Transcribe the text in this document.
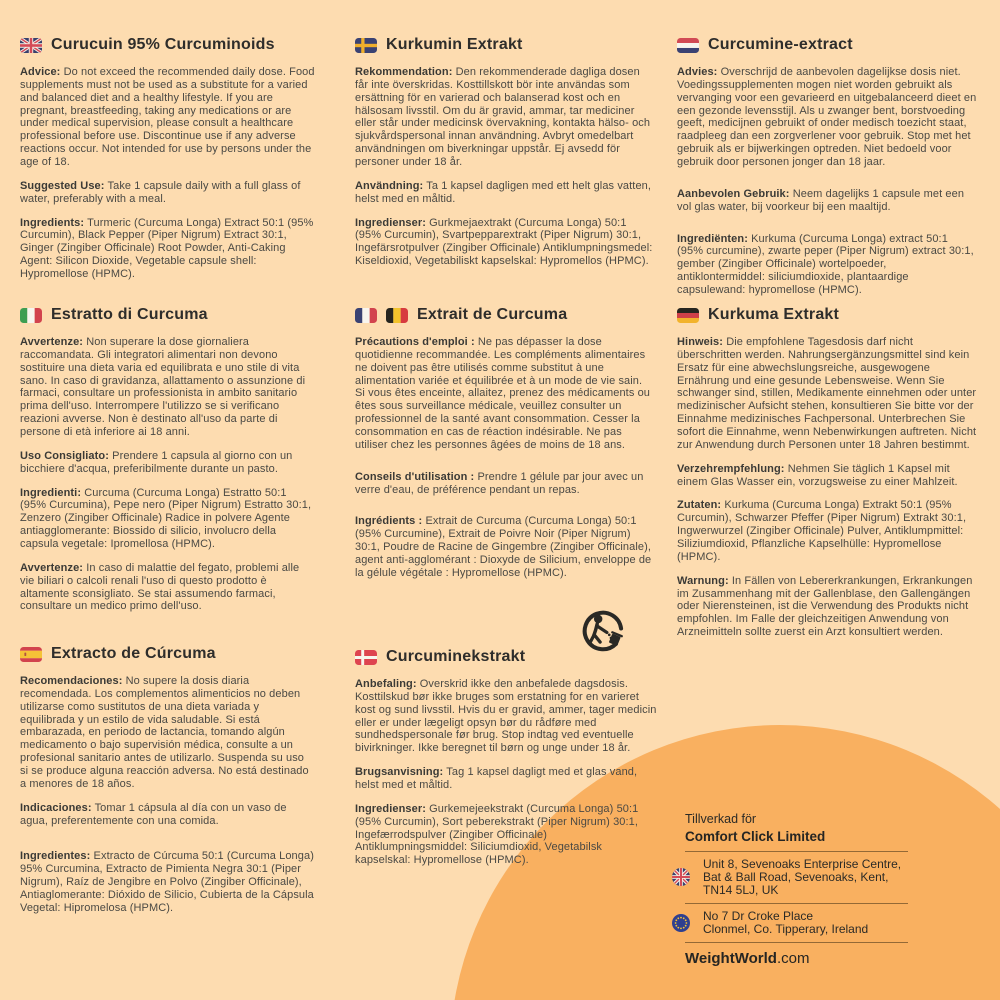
Curucuin 95% Curcuminoids

Advice: Do not exceed the recommended daily dose. Food supplements must not be used as a substitute for a varied and balanced diet and a healthy lifestyle. If you are pregnant, breastfeeding, taking any medications or are under medical supervision, please consult a healthcare professional before use. Discontinue use if any adverse reactions occur. Not intended for use by persons under the age of 18.

Suggested Use: Take 1 capsule daily with a full glass of water, preferably with a meal.

Ingredients: Turmeric (Curcuma Longa) Extract 50:1 (95% Curcumin), Black Pepper (Piper Nigrum) Extract 30:1, Ginger (Zingiber Officinale) Root Powder, Anti-Caking Agent: Silicon Dioxide, Vegetable capsule shell: Hypromellose (HPMC).

Kurkumin Extrakt

Rekommendation: Den rekommenderade dagliga dosen får inte överskridas. Kosttillskott bör inte användas som ersättning för en varierad och balanserad kost och en hälsosam livsstil. Om du är gravid, ammar, tar mediciner eller står under medicinsk övervakning, kontakta hälso- och sjukvårdspersonal innan användning. Avbryt omedelbart användningen om biverkningar uppstår. Ej avsedd för personer under 18 år.

Användning: Ta 1 kapsel dagligen med ett helt glas vatten, helst med en måltid.

Ingredienser: Gurkmejaextrakt (Curcuma Longa) 50:1 (95% Curcumin), Svartpepparextrakt (Piper Nigrum) 30:1, Ingefärsrotpulver (Zingiber Officinale) Antiklumpningsmedel: Kiseldioxid, Vegetabiliskt kapselskal: Hypromellos (HPMC).

Curcumine-extract

Advies: Overschrijd de aanbevolen dagelijkse dosis niet. Voedingssupplementen mogen niet worden gebruikt als vervanging voor een gevarieerd en uitgebalanceerd dieet en een gezonde levensstijl. Als u zwanger bent, borstvoeding geeft, medicijnen gebruikt of onder medisch toezicht staat, raadpleeg dan een zorgverlener voor gebruik. Stop met het gebruik als er bijwerkingen optreden. Niet bedoeld voor gebruik door personen jonger dan 18 jaar.

Aanbevolen Gebruik: Neem dagelijks 1 capsule met een vol glas water, bij voorkeur bij een maaltijd.

Ingrediënten: Kurkuma (Curcuma Longa) extract 50:1 (95% curcumine), zwarte peper (Piper Nigrum) extract 30:1, gember (Zingiber Officinale) wortelpoeder, antiklontermiddel: siliciumdioxide, plantaardige capsulewand: hypromellose (HPMC).

Estratto di Curcuma

Avvertenze: Non superare la dose giornaliera raccomandata. Gli integratori alimentari non devono sostituire una dieta varia ed equilibrata e uno stile di vita sano. In caso di gravidanza, allattamento o assunzione di farmaci, consultare un professionista in ambito sanitario prima dell'uso. Interrompere l'utilizzo se si verificano reazioni avverse. Non è destinato all'uso da parte di persone di età inferiore ai 18 anni.

Uso Consigliato: Prendere 1 capsula al giorno con un bicchiere d'acqua, preferibilmente durante un pasto.

Ingredienti: Curcuma (Curcuma Longa) Estratto 50:1 (95% Curcumina), Pepe nero (Piper Nigrum) Estratto 30:1, Zenzero (Zingiber Officinale) Radice in polvere Agente antiagglomerante: Biossido di silicio, involucro della capsula vegetale: Ipromellosa (HPMC).

Avvertenze: In caso di malattie del fegato, problemi alle vie biliari o calcoli renali l'uso di questo prodotto è altamente sconsigliato. Se stai assumendo farmaci, consultare un medico primo dell'uso.

Extrait de Curcuma

Précautions d'emploi : Ne pas dépasser la dose quotidienne recommandée. Les compléments alimentaires ne doivent pas être utilisés comme substitut à une alimentation variée et équilibrée et à un mode de vie sain. Si vous êtes enceinte, allaitez, prenez des médicaments ou êtes sous surveillance médicale, veuillez consulter un professionnel de la santé avant consommation. Cesser la consommation en cas de réaction indésirable. Ne pas utiliser chez les personnes âgées de moins de 18 ans.

Conseils d'utilisation : Prendre 1 gélule par jour avec un verre d'eau, de préférence pendant un repas.

Ingrédients : Extrait de Curcuma (Curcuma Longa) 50:1 (95% Curcumine), Extrait de Poivre Noir (Piper Nigrum) 30:1, Poudre de Racine de Gingembre (Zingiber Officinale), agent anti-agglomérant : Dioxyde de Silicium, enveloppe de la gélule végétale : Hypromellose (HPMC).

Kurkuma Extrakt

Hinweis: Die empfohlene Tagesdosis darf nicht überschritten werden. Nahrungsergänzungsmittel sind kein Ersatz für eine abwechslungsreiche, ausgewogene Ernährung und eine gesunde Lebensweise. Wenn Sie schwanger sind, stillen, Medikamente einnehmen oder unter medizinischer Aufsicht stehen, konsultieren Sie bitte vor der Einnahme medizinisches Fachpersonal. Unterbrechen Sie sofort die Einnahme, wenn Nebenwirkungen auftreten. Nicht zur Anwendung durch Personen unter 18 Jahren bestimmt.

Verzehrempfehlung: Nehmen Sie täglich 1 Kapsel mit einem Glas Wasser ein, vorzugsweise zu einer Mahlzeit.

Zutaten: Kurkuma (Curcuma Longa) Extrakt 50:1 (95% Curcumin), Schwarzer Pfeffer (Piper Nigrum) Extrakt 30:1, Ingwerwurzel (Zingiber Officinale) Pulver, Antiklumpmittel: Siliziumdioxid, Pflanzliche Kapselhülle: Hypromellose (HPMC).

Warnung: In Fällen von Lebererkrankungen, Erkrankungen im Zusammenhang mit der Gallenblase, den Gallengängen oder Nierensteinen, ist die Verwendung des Produkts nicht empfohlen. Im Falle der gleichzeitigen Anwendung von Arzneimitteln sollte zuerst ein Arzt konsultiert werden.

Extracto de Cúrcuma

Recomendaciones: No supere la dosis diaria recomendada. Los complementos alimenticios no deben utilizarse como sustitutos de una dieta variada y equilibrada y un estilo de vida saludable. Si está embarazada, en periodo de lactancia, tomando algún medicamento o bajo supervisión médica, consulte a un profesional sanitario antes de utilizarlo. Suspenda su uso si se produce alguna reacción adversa. No está destinado a menores de 18 años.

Indicaciones: Tomar 1 cápsula al día con un vaso de agua, preferentemente con una comida.

Ingredientes: Extracto de Cúrcuma 50:1 (Curcuma Longa) 95% Curcumina, Extracto de Pimienta Negra 30:1 (Piper Nigrum), Raíz de Jengibre en Polvo (Zingiber Officinale), Antiaglomerante: Dióxido de Silicio, Cubierta de la Cápsula Vegetal: Hipromelosa (HPMC).

Curcuminekstrakt

Anbefaling: Overskrid ikke den anbefalede dagsdosis. Kosttilskud bør ikke bruges som erstatning for en varieret kost og sund livsstil. Hvis du er gravid, ammer, tager medicin eller er under lægeligt opsyn bør du rådføre med sundhedspersonale før brug. Stop indtag ved eventuelle bivirkninger. Ikke beregnet til børn og unge under 18 år.

Brugsanvisning: Tag 1 kapsel dagligt med et glas vand, helst med et måltid.

Ingredienser: Gurkemejeekstrakt (Curcuma Longa) 50:1 (95% Curcumin), Sort peberekstrakt (Piper Nigrum) 30:1, Ingefærrodspulver (Zingiber Officinale) Antiklumpningsmiddel: Siliciumdioxid, Vegetabilsk kapselskal: Hypromellose (HPMC).

Tillverkad för

Comfort Click Limited

Unit 8, Sevenoaks Enterprise Centre,
Bat & Ball Road, Sevenoaks, Kent,
TN14 5LJ, UK
No 7 Dr Croke Place
Clonmel, Co. Tipperary, Ireland

WeightWorld.com
